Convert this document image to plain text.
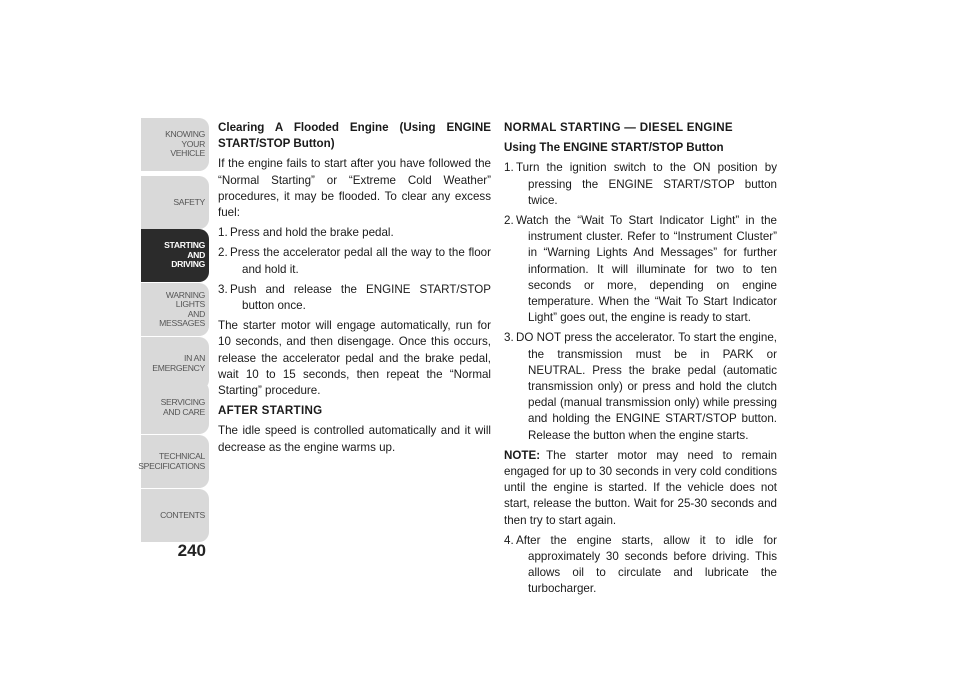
KNOWING
YOUR
VEHICLE
SAFETY
STARTING
AND
DRIVING
WARNING
LIGHTS
AND
MESSAGES
IN AN
EMERGENCY
SERVICING
AND CARE
TECHNICAL
SPECIFICATIONS
CONTENTS
240

Clearing A Flooded Engine (Using ENGINE START/STOP Button)

If the engine fails to start after you have followed the “Normal Starting” or “Extreme Cold Weather” procedures, it may be flooded. To clear any excess fuel:

1. Press and hold the brake pedal.
2. Press the accelerator pedal all the way to the floor and hold it.
3. Push and release the ENGINE START/STOP button once.

The starter motor will engage automatically, run for 10 seconds, and then disengage. Once this occurs, release the accelerator pedal and the brake pedal, wait 10 to 15 seconds, then repeat the “Normal Starting” procedure.

AFTER STARTING

The idle speed is controlled automatically and it will decrease as the engine warms up.

NORMAL STARTING — DIESEL ENGINE

Using The ENGINE START/STOP Button

1. Turn the ignition switch to the ON position by pressing the ENGINE START/STOP button twice.
2. Watch the “Wait To Start Indicator Light” in the instrument cluster. Refer to “Instrument Cluster” in “Warning Lights And Messages” for further information. It will illuminate for two to ten seconds or more, depending on engine temperature. When the “Wait To Start Indicator Light” goes out, the engine is ready to start.
3. DO NOT press the accelerator. To start the engine, the transmission must be in PARK or NEUTRAL. Press the brake pedal (automatic transmission only) or press and hold the clutch pedal (manual transmission only) while pressing and holding the ENGINE START/STOP button. Release the button when the engine starts.

NOTE: The starter motor may need to remain engaged for up to 30 seconds in very cold conditions until the engine is started. If the vehicle does not start, release the button. Wait for 25-30 seconds and then try to start again.

4. After the engine starts, allow it to idle for approximately 30 seconds before driving. This allows oil to circulate and lubricate the turbocharger.
